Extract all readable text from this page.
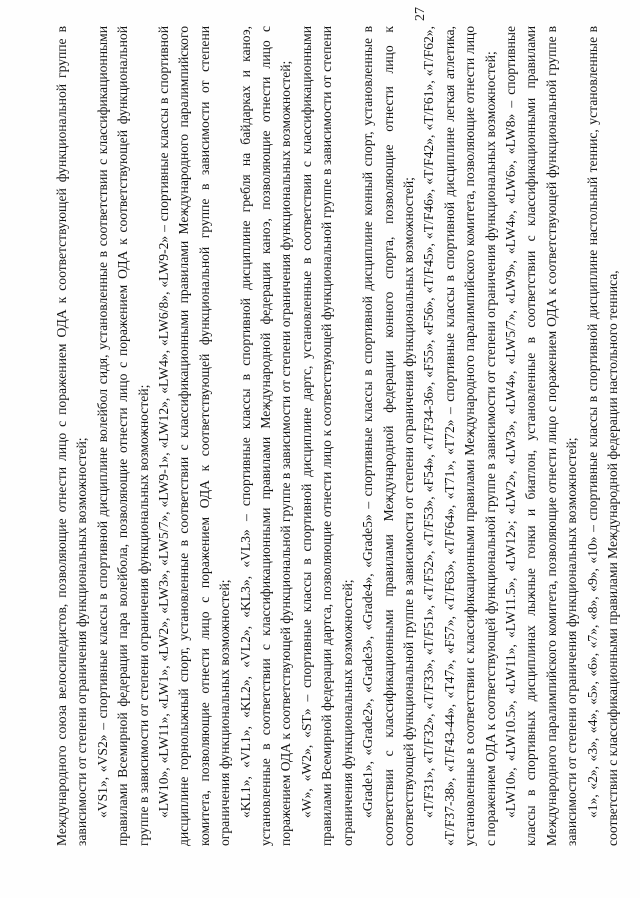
Международного союза велосипедистов, позволяющие отнести лицо с поражением ОДА к соответствующей функциональной группе в зависимости от степени ограничения функциональных возможностей; «VS1», «VS2» – спортивные классы в спортивной дисциплине волейбол сидя, установленные в соответствии с классификационными правилами Всемирной федерации пара волейбола, позволяющие отнести лицо с поражением ОДА к соответствующей функциональной группе в зависимости от степени ограничения функциональных возможностей; «LW10», «LW11», «LW1», «LW2», «LW3», «LW5/7», «LW9-1», «LW12», «LW4», «LW6/8», «LW9-2» – спортивные классы в спортивной дисциплине горнолыжный спорт, установленные в соответствии с классификационными правилами Международного паралимпийского комитета, позволяющие отнести лицо с поражением ОДА к соответствующей функциональной группе в зависимости от степени ограничения функциональных возможностей; «KL1», «VL1», «KL2», «VL2», «KL3», «VL3» – спортивные классы в спортивной дисциплине гребля на байдарках и каноэ, установленные в соответствии с классификационными правилами Международной федерации каноэ, позволяющие отнести лицо с поражением ОДА к соответствующей функциональной группе в зависимости от степени ограничения функциональных возможностей; «W», «W2», «ST» – спортивные классы в спортивной дисциплине дартс, установленные в соответствии с классификационными правилами Всемирной федерации дартса, позволяющие отнести лицо к соответствующей функциональной группе в зависимости от степени ограничения функциональных возможностей; «Grade1», «Grade2», «Grade3», «Grade4», «Grade5» – спортивные классы в спортивной дисциплине конный спорт, установленные в соответствии с классификационными правилами Международной федерации конного спорта, позволяющие отнести лицо к соответствующей функциональной группе в зависимости от степени ограничения функциональных возможностей; «T/F31», «T/F32», «T/F33», «T/F51», «T/F52», «T/F53», «F54», «T/F34-36», «F55», «F56», «T/F45», «T/F46», «T/F42», «T/F61», «T/F62», «T/F37-38», «T/F43-44», «T47», «F57», «T/F63», «T/F64», «T71», «T72» – спортивные классы в спортивной дисциплине легкая атлетика, установленные в соответствии с классификационными правилами Международного паралимпийского комитета, позволяющие отнести лицо с поражением ОДА к соответствующей функциональной группе в зависимости от степени ограничения функциональных возможностей; «LW10», «LW10.5», «LW11», «LW11.5», «LW12»; «LW2», «LW3», «LW4», «LW5/7», «LW9», «LW4», «LW6», «LW8» – спортивные классы в спортивных дисциплинах лыжные гонки и биатлон, установленные в соответствии с классификационными правилами Международного паралимпийского комитета, позволяющие отнести лицо с поражением ОДА к соответствующей функциональной группе в зависимости от степени ограничения функциональных возможностей; «1», «2», «3», «4», «5», «6», «7», «8», «9», «10» – спортивные классы в спортивной дисциплине настольный теннис, установленные в соответствии с классификационными правилами Международной федерации настольного тенниса,

27
